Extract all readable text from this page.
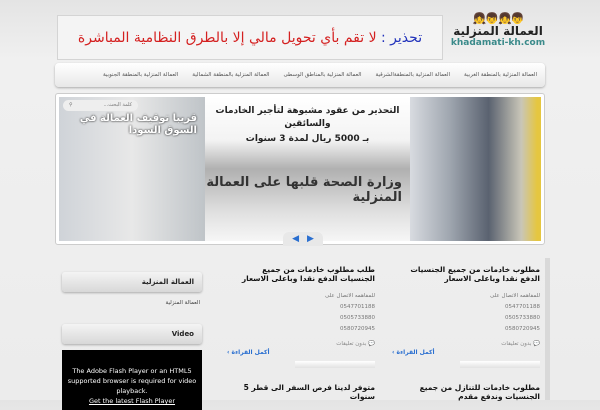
تحذير :

لا تقم بأي تحويل مالي إلا بالطرق النظامية المباشرة
👧👦👧👦
العمالة المنزلية
khadamati-kh.com
العمالة المنزلية بالمنطقة الغربية
العمالة المنزلية بالمنطقةالشرقية
العمالة المنزلية بالمناطق الوسطى
العمالة المنزلية بالمنطقة الشمالية
العمالة المنزلية بالمنطقة الجنوبية
كلمة البحث...
⚲
قريبا توقيف العمالة في السوق السودا
التحذير من عقود مشبوهة لتأجير الخادمات والسائقين
بـ 5000 ريال لمدة 3 سنوات
وزارة الصحة قلبها على العمالة المنزلية
◀ ▶
العمالة المنزلية
العمالة المنزلية
Video
The Adobe Flash Player or an HTML5 supported browser is required for video playback.
Get the latest Flash Player
مطلوب خادمات من جميع الجنسيات الدفع نقدا وباعلى الاسعار
للمفاهمه الاتصال على
0547701188
0505733880
0580720945
💬 بدون تعليقات
أكمل القراءة ›
طلب مطلوب خادمات من جميع الجنسيات الدفع نقدا وباعلى الاسعار
للمفاهمه الاتصال على
0547701188
0505733880
0580720945
💬 بدون تعليقات
أكمل القراءة ›
مطلوب خادمات للتنازل من جميع الجنسيات وندفع مقدم
متوفر لدينا فرص السفر الى قطر 5 سنوات
